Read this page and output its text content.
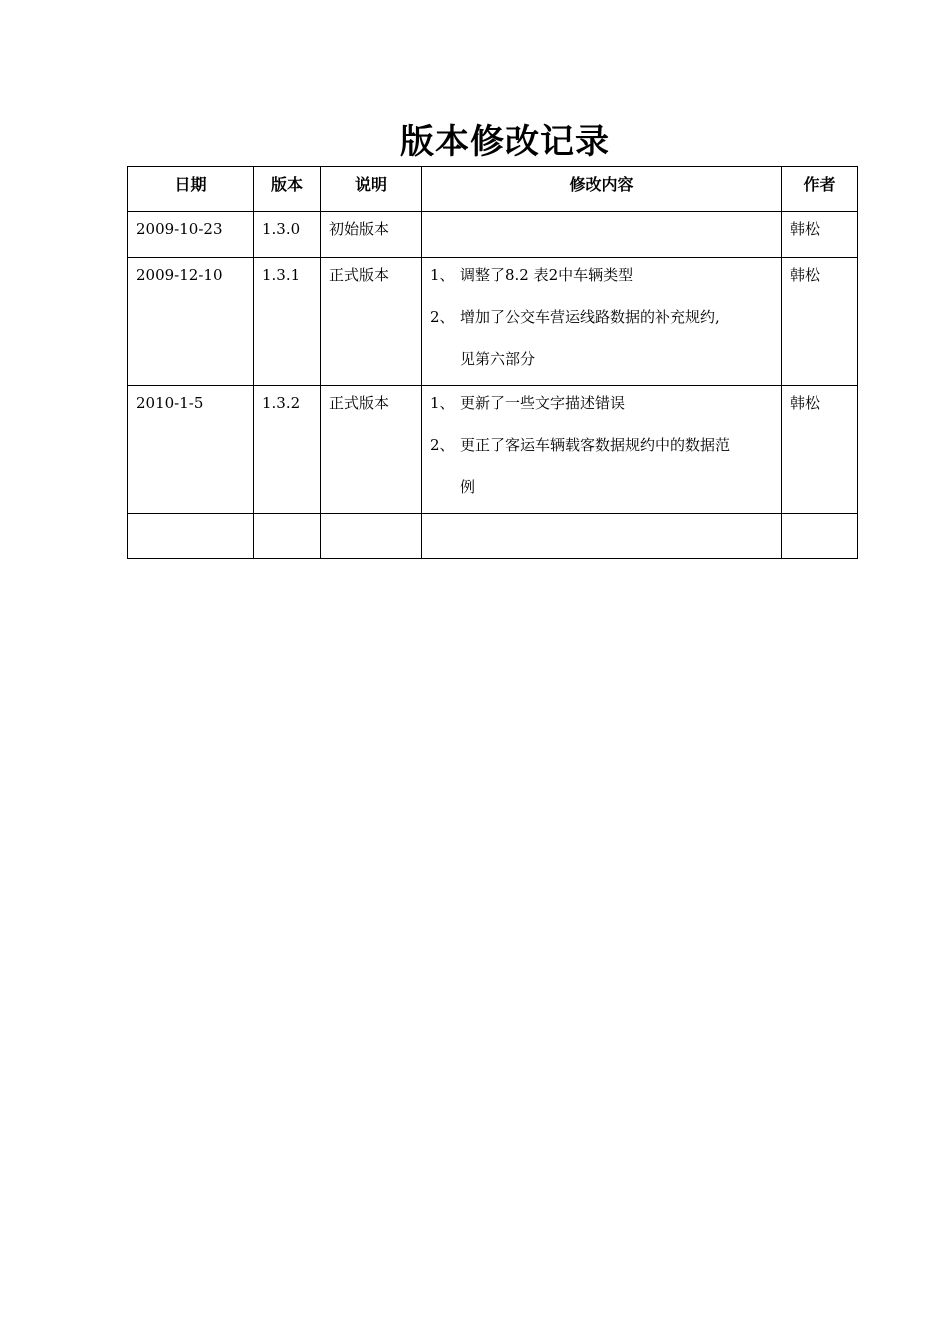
版本修改记录
日期	版本	说明	修改内容	作者

2009-10-23	1.3.0	初始版本		韩松

2009-12-10	1.3.1	正式版本	1、 调整了8.2 表2中车辆类型
2、 增加了公交车营运线路数据的补充规约,
见第六部分	韩松

2010-1-5	1.3.2	正式版本	1、 更新了一些文字描述错误
2、 更正了客运车辆载客数据规约中的数据范
例	韩松
